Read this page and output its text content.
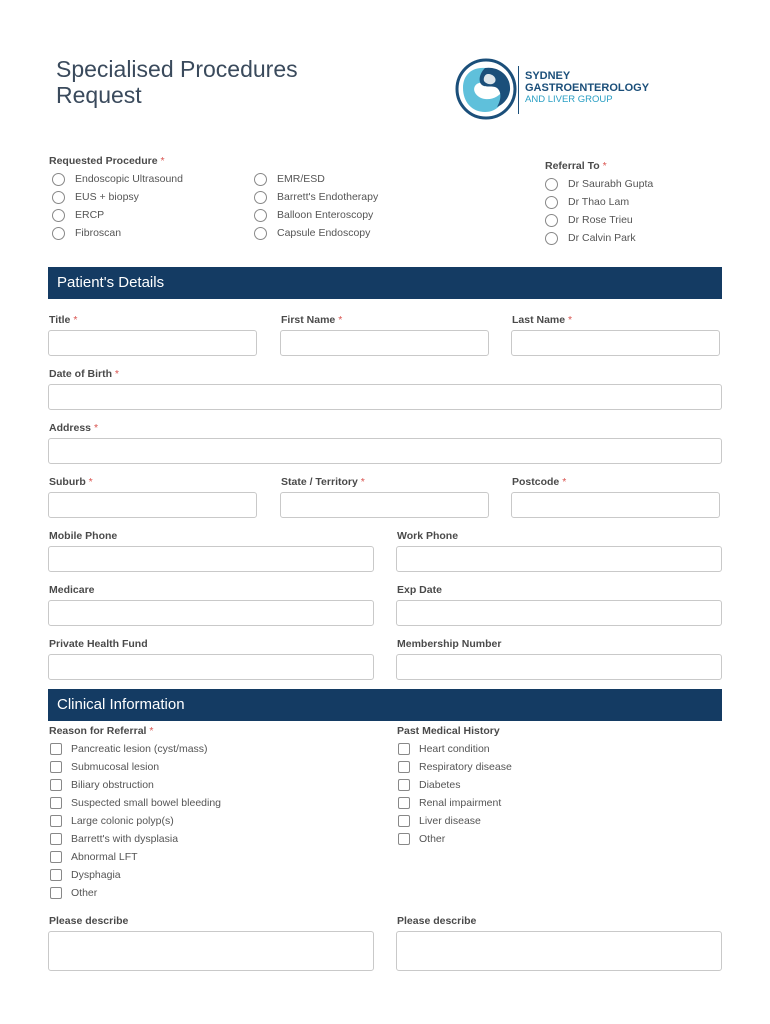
Specialised Procedures
Request
SYDNEY
GASTROENTEROLOGY
AND LIVER GROUP
Requested Procedure *
Endoscopic Ultrasound
EUS + biopsy
ERCP
Fibroscan
EMR/ESD
Barrett's Endotherapy
Balloon Enteroscopy
Capsule Endoscopy
Referral To *
Dr Saurabh Gupta
Dr Thao Lam
Dr Rose Trieu
Dr Calvin Park
Patient's Details
Title *	First Name *	Last Name *
Date of Birth *
Address *
Suburb *	State / Territory *	Postcode *
Mobile Phone	Work Phone
Medicare	Exp Date
Private Health Fund	Membership Number
Clinical Information
Reason for Referral *
Pancreatic lesion (cyst/mass)
Submucosal lesion
Biliary obstruction
Suspected small bowel bleeding
Large colonic polyp(s)
Barrett's with dysplasia
Abnormal LFT
Dysphagia
Other
Past Medical History
Heart condition
Respiratory disease
Diabetes
Renal impairment
Liver disease
Other
Please describe	Please describe
